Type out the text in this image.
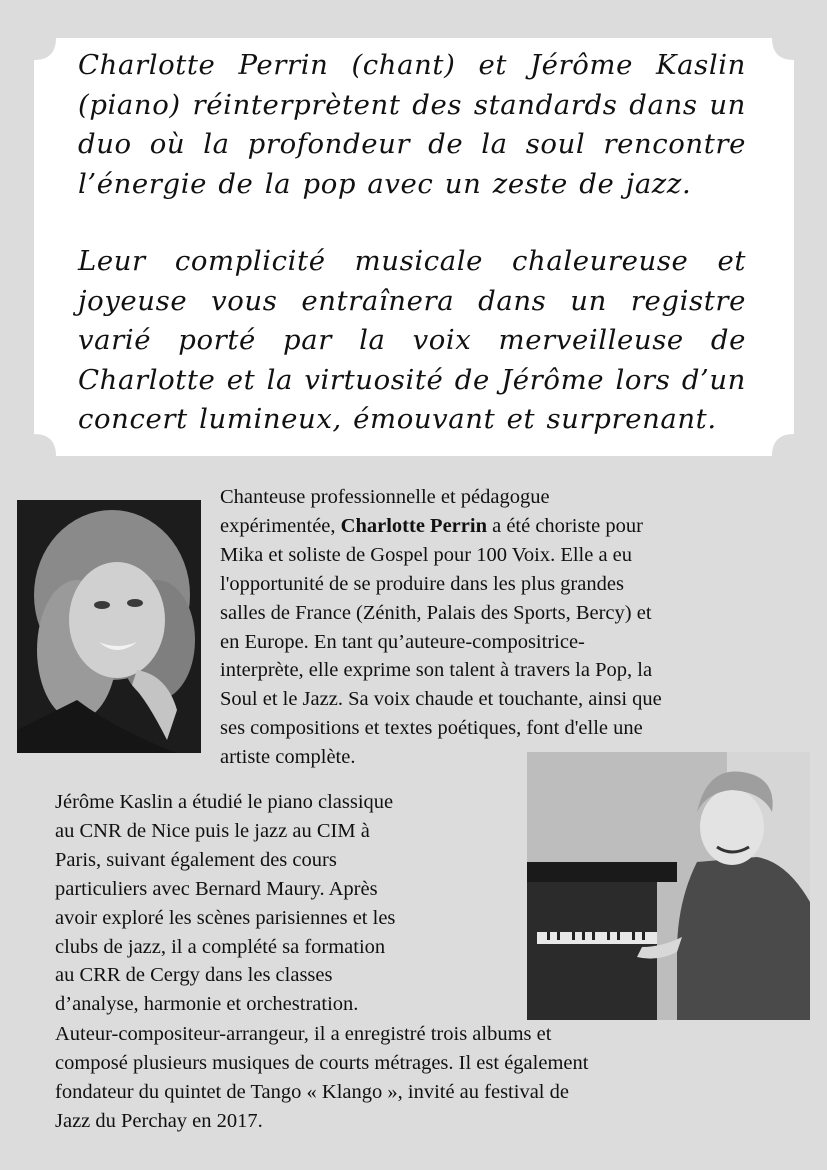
Charlotte Perrin (chant) et Jérôme Kaslin (piano) réinterprètent des standards dans un duo où la profondeur de la soul rencontre l’énergie de la pop avec un zeste de jazz.

Leur complicité musicale chaleureuse et joyeuse vous entraînera dans un registre varié porté par la voix merveilleuse de Charlotte et la virtuosité de Jérôme lors d’un concert lumineux, émouvant et surprenant.

Chanteuse professionnelle et pédagogue
expérimentée, Charlotte Perrin a été choriste pour
Mika et soliste de Gospel pour 100 Voix. Elle a eu
l'opportunité de se produire dans les plus grandes
salles de France (Zénith, Palais des Sports, Bercy) et
en Europe. En tant qu’auteure-compositrice-
interprète, elle exprime son talent à travers la Pop, la
Soul et le Jazz. Sa voix chaude et touchante, ainsi que
ses compositions et textes poétiques, font d'elle une
artiste complète.

Jérôme Kaslin a étudié le piano classique
au CNR de Nice puis le jazz au CIM à
Paris, suivant également des cours
particuliers avec Bernard Maury. Après
avoir exploré les scènes parisiennes et les
clubs de jazz, il a complété sa formation
au CRR de Cergy dans les classes
d’analyse, harmonie et orchestration.

Auteur-compositeur-arrangeur, il a enregistré trois albums et
composé plusieurs musiques de courts métrages. Il est également
fondateur du quintet de Tango « Klango », invité au festival de
Jazz du Perchay en 2017.
